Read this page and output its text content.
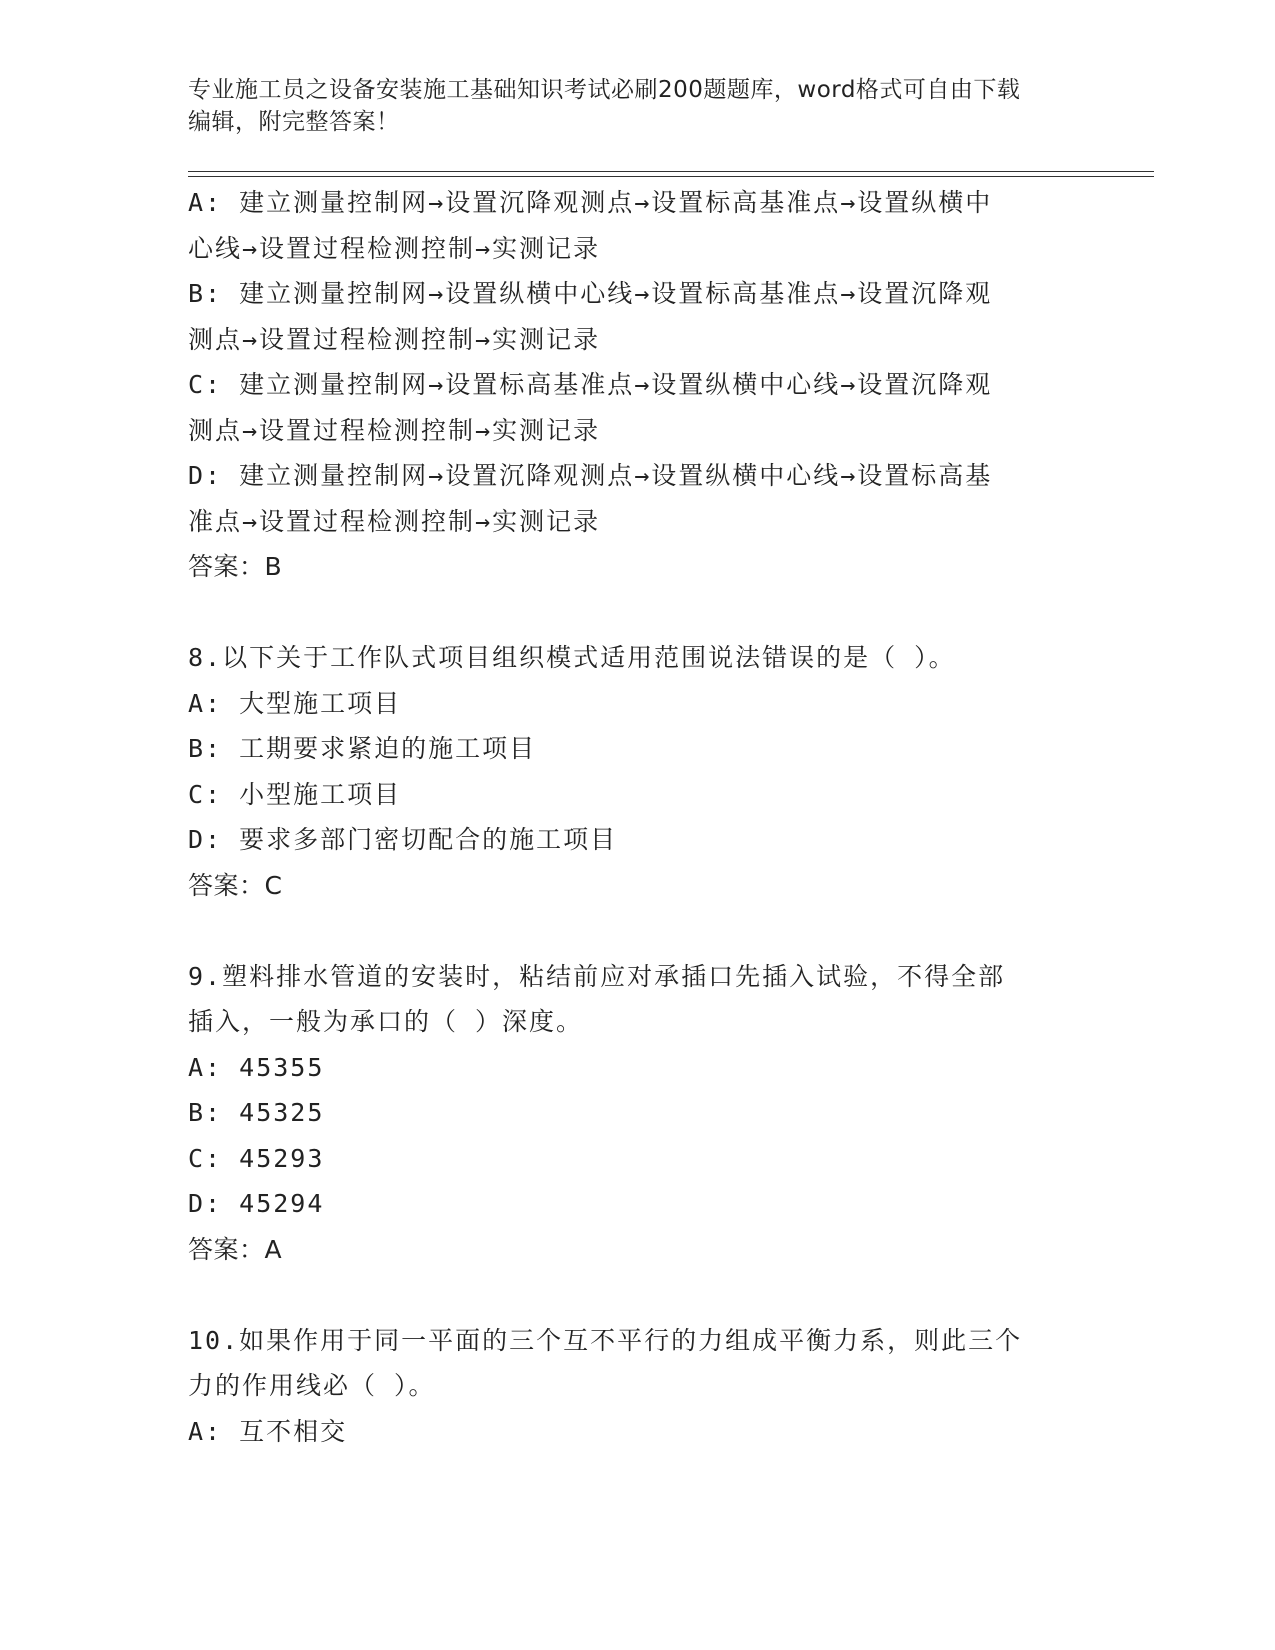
专业施工员之设备安装施工基础知识考试必刷200题题库，word格式可自由下载
编辑，附完整答案！
A: 建立测量控制网→设置沉降观测点→设置标高基准点→设置纵横中
心线→设置过程检测控制→实测记录
B: 建立测量控制网→设置纵横中心线→设置标高基准点→设置沉降观
测点→设置过程检测控制→实测记录
C: 建立测量控制网→设置标高基准点→设置纵横中心线→设置沉降观
测点→设置过程检测控制→实测记录
D: 建立测量控制网→设置沉降观测点→设置纵横中心线→设置标高基
准点→设置过程检测控制→实测记录
答案：B
8.以下关于工作队式项目组织模式适用范围说法错误的是（ ）。
A: 大型施工项目
B: 工期要求紧迫的施工项目
C: 小型施工项目
D: 要求多部门密切配合的施工项目
答案：C
9.塑料排水管道的安装时，粘结前应对承插口先插入试验，不得全部
插入，一般为承口的（ ）深度。
A: 45355
B: 45325
C: 45293
D: 45294
答案：A
10.如果作用于同一平面的三个互不平行的力组成平衡力系，则此三个
力的作用线必（ ）。
A: 互不相交
